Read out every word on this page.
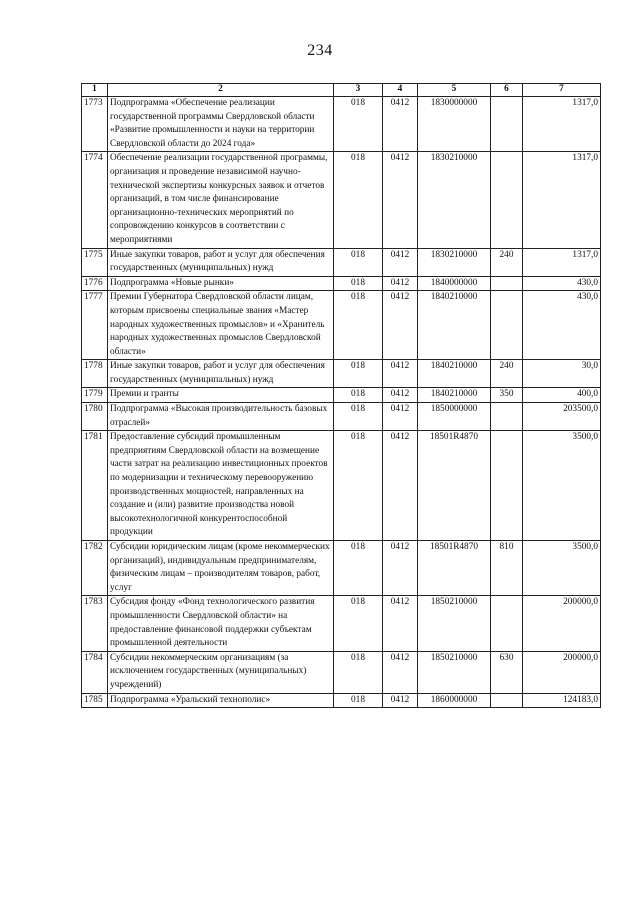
234
1	2	3	4	5	6	7
1773	Подпрограмма «Обеспечение реализации государственной программы Свердловской области «Развитие промышленности и науки на территории Свердловской области до 2024 года»	018	0412	1830000000		1317,0
1774	Обеспечение реализации государственной программы, организация и проведение независимой научно-технической экспертизы конкурсных заявок и отчетов организаций, в том числе финансирование организационно-технических мероприятий по сопровождению конкурсов в соответствии с мероприятиями	018	0412	1830210000		1317,0
1775	Иные закупки товаров, работ и услуг для обеспечения государственных (муниципальных) нужд	018	0412	1830210000	240	1317,0
1776	Подпрограмма «Новые рынки»	018	0412	1840000000		430,0
1777	Премии Губернатора Свердловской области лицам, которым присвоены специальные звания «Мастер народных художественных промыслов» и «Хранитель народных художественных промыслов Свердловской области»	018	0412	1840210000		430,0
1778	Иные закупки товаров, работ и услуг для обеспечения государственных (муниципальных) нужд	018	0412	1840210000	240	30,0
1779	Премии и гранты	018	0412	1840210000	350	400,0
1780	Подпрограмма «Высокая производительность базовых отраслей»	018	0412	1850000000		203500,0
1781	Предоставление субсидий промышленным предприятиям Свердловской области на возмещение части затрат на реализацию инвестиционных проектов по модернизации и техническому перевооружению производственных мощностей, направленных на создание и (или) развитие производства новой высокотехнологичной конкурентоспособной продукции	018	0412	18501R4870		3500,0
1782	Субсидии юридическим лицам (кроме некоммерческих организаций), индивидуальным предпринимателям, физическим лицам – производителям товаров, работ, услуг	018	0412	18501R4870	810	3500,0
1783	Субсидия фонду «Фонд технологического развития промышленности Свердловской области» на предоставление финансовой поддержки субъектам промышленной деятельности	018	0412	1850210000		200000,0
1784	Субсидии некоммерческим организациям (за исключением государственных (муниципальных) учреждений)	018	0412	1850210000	630	200000,0
1785	Подпрограмма «Уральский технополис»	018	0412	1860000000		124183,0
